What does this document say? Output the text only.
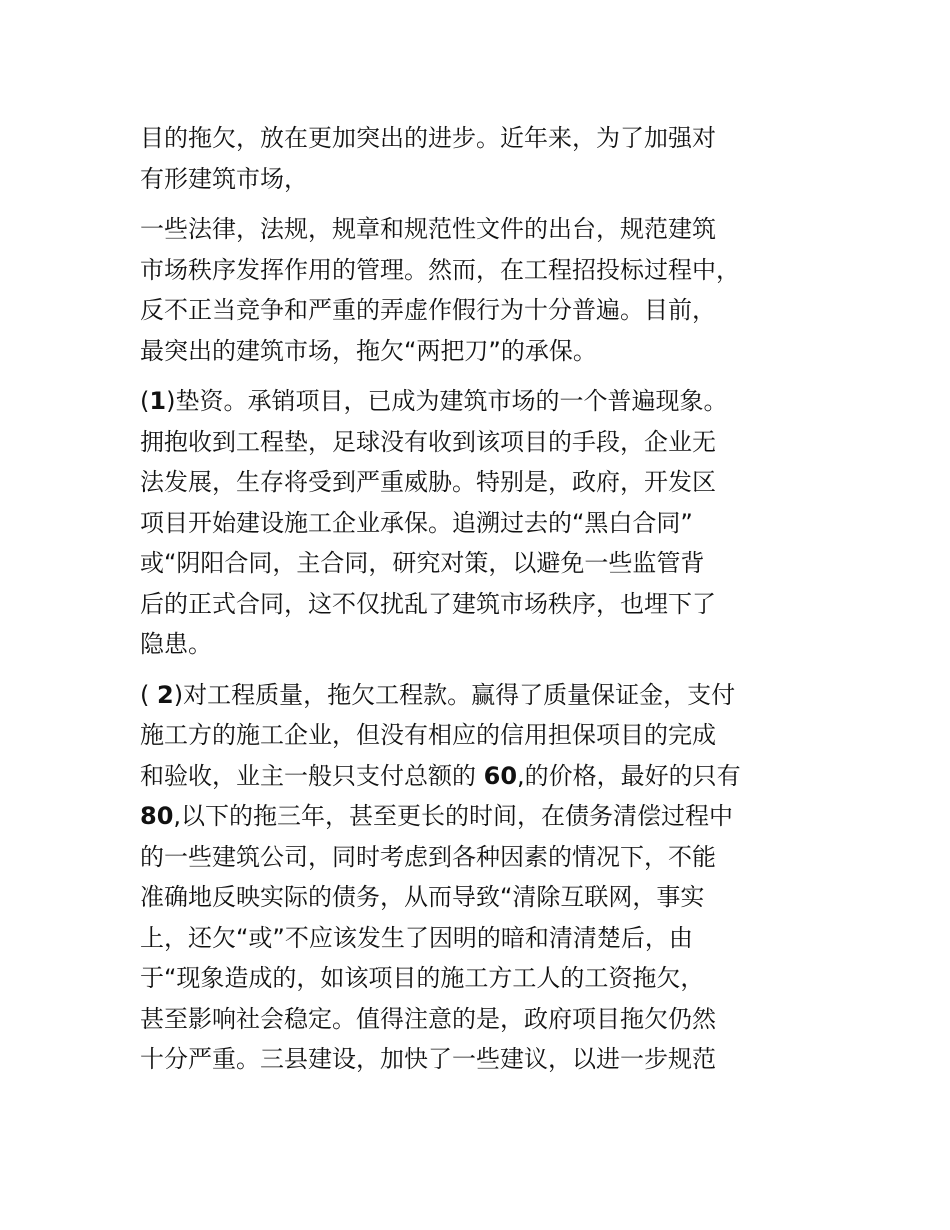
目的拖欠，放在更加突出的进步。近年来，为了加强对
有形建筑市场，
一些法律，法规，规章和规范性文件的出台，规范建筑
市场秩序发挥作用的管理。然而，在工程招投标过程中，
反不正当竞争和严重的弄虚作假行为十分普遍。目前，
最突出的建筑市场，拖欠“两把刀”的承保。
(1)垫资。承销项目，已成为建筑市场的一个普遍现象。
拥抱收到工程垫，足球没有收到该项目的手段，企业无
法发展，生存将受到严重威胁。特别是，政府，开发区
项目开始建设施工企业承保。追溯过去的“黑白合同”
或“阴阳合同，主合同，研究对策，以避免一些监管背
后的正式合同，这不仅扰乱了建筑市场秩序，也埋下了
隐患。
( 2)对工程质量，拖欠工程款。赢得了质量保证金，支付
施工方的施工企业，但没有相应的信用担保项目的完成
和验收，业主一般只支付总额的 60,的价格，最好的只有
80,以下的拖三年，甚至更长的时间，在债务清偿过程中
的一些建筑公司，同时考虑到各种因素的情况下，不能
准确地反映实际的债务，从而导致“清除互联网，事实
上，还欠“或”不应该发生了因明的暗和清清楚后，由
于“现象造成的，如该项目的施工方工人的工资拖欠，
甚至影响社会稳定。值得注意的是，政府项目拖欠仍然
十分严重。三县建设，加快了一些建议，以进一步规范
